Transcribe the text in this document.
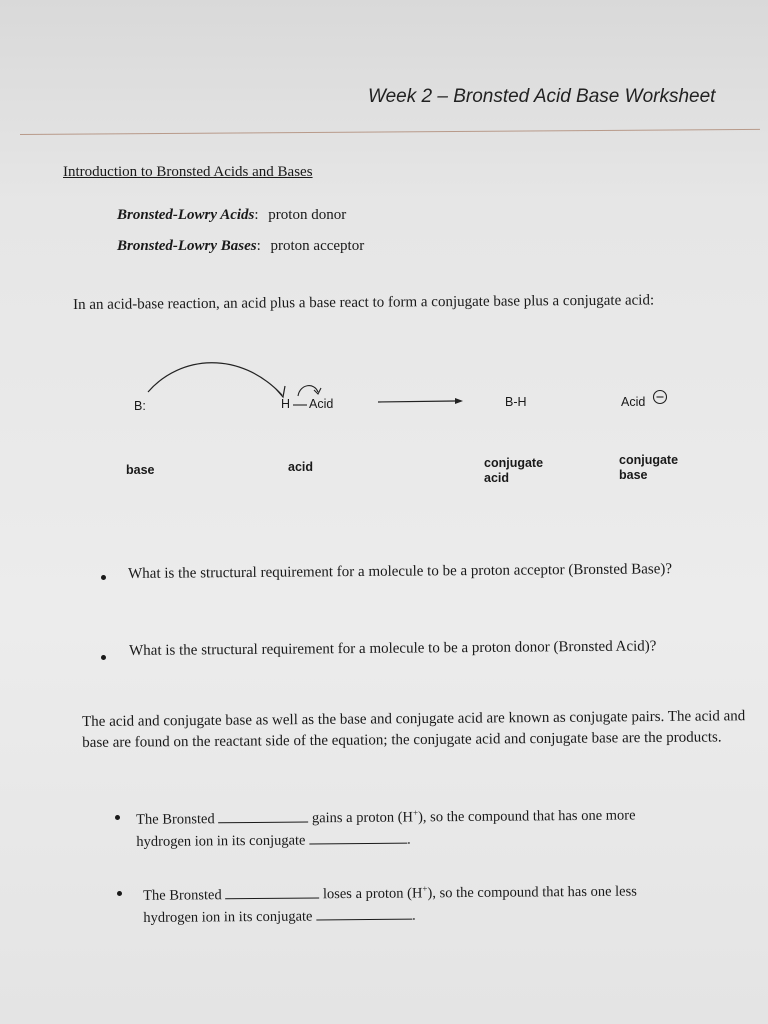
Week 2 – Bronsted Acid Base Worksheet
Introduction to Bronsted Acids and Bases
Bronsted-Lowry Acids: proton donor
Bronsted-Lowry Bases: proton acceptor
In an acid-base reaction, an acid plus a base react to form a conjugate base plus a conjugate acid:
B:	H Acid	B-H	Acid
base	acid	conjugate
acid
conjugate
base
What is the structural requirement for a molecule to be a proton acceptor (Bronsted Base)?
What is the structural requirement for a molecule to be a proton donor (Bronsted Acid)?
The acid and conjugate base as well as the base and conjugate acid are known as conjugate pairs. The acid and base are found on the reactant side of the equation; the conjugate acid and conjugate base are the products.
The Bronsted	gains a proton (H+), so the compound that has one more
hydrogen ion in its conjugate	.
The Bronsted	loses a proton (H+), so the compound that has one less
hydrogen ion in its conjugate	.
